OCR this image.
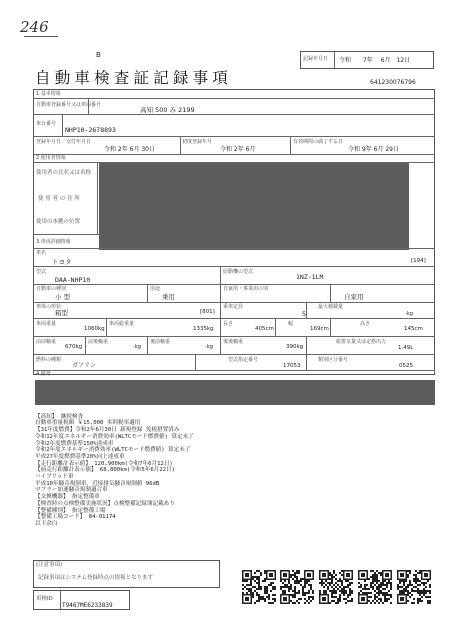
246
B
自動車検査証記録事項
記録年月日 令和 7年 6月 12日
641230076796
1.基本情報
自動車登録番号又は車両番号
高知 500 み 2199
車台番号
NHP10-2678893
登録年月日／交付年月日
令和 2年 6月 30日
初度登録年月
令和 2年 6月
有効期間の満了する日
令和 9年 6月 29日
2.使用者情報
使用者の氏名又は名称
使 用 者 の 住 所
使用の本拠の位置
3.車両詳細情報
車名
トヨタ	[194]
型式
DAA-NHP10
原動機の型式
1NZ-1LM
自動車の種別
小 型
用途
乗用
自家用・事業用の別
自家用
車体の形状
箱型	[801]
乗車定員
5
最大積載量
-kg
車両重量
1060kg
車両総重量
1335kg
長さ
405cm
幅
169cm
高さ
145cm
前前軸重
670kg
前後軸重
-kg
後前軸重
-kg
後後軸重
390kg
総排気量又は定格出力
1.49L
燃料の種類
ガソリン
型式指定番号
17053
類別区分番号
0525
4.備考

【高知】 継続検査
自動車重量税額 ￥15,000 本則税率適用
【31年度燃費】令和2年6月30日 新規登録 免税措置済み
令和12年度エネルギー消費効率(WLTCモード燃費値) 算定未了
令和2年度燃費基準150%達成車
令和2年度エネルギー消費効率(WLTCモード燃費値) 算定未了
平成27年度燃費基準20%向上達成車
【走行距離計表示値】 120,900km(令和7年6月12日)
【前走行距離計表示値】 68,800km(令和5年6月22日)
ハイブリッド車
平成10年騒音規制車、近接排気騒音規制値 96dB
マフラー加速騒音規制適合車
【交換機器】 指定整備車
【検査時の点検整備実施状況】点検整備記録簿記載あり
【整備種別】 指定整備工場
【整備工場コード】 84-01174
以下余白

(注意事項)
記録事項はシステム登録時点の情報となります
車検ID
T9467ME6233839
